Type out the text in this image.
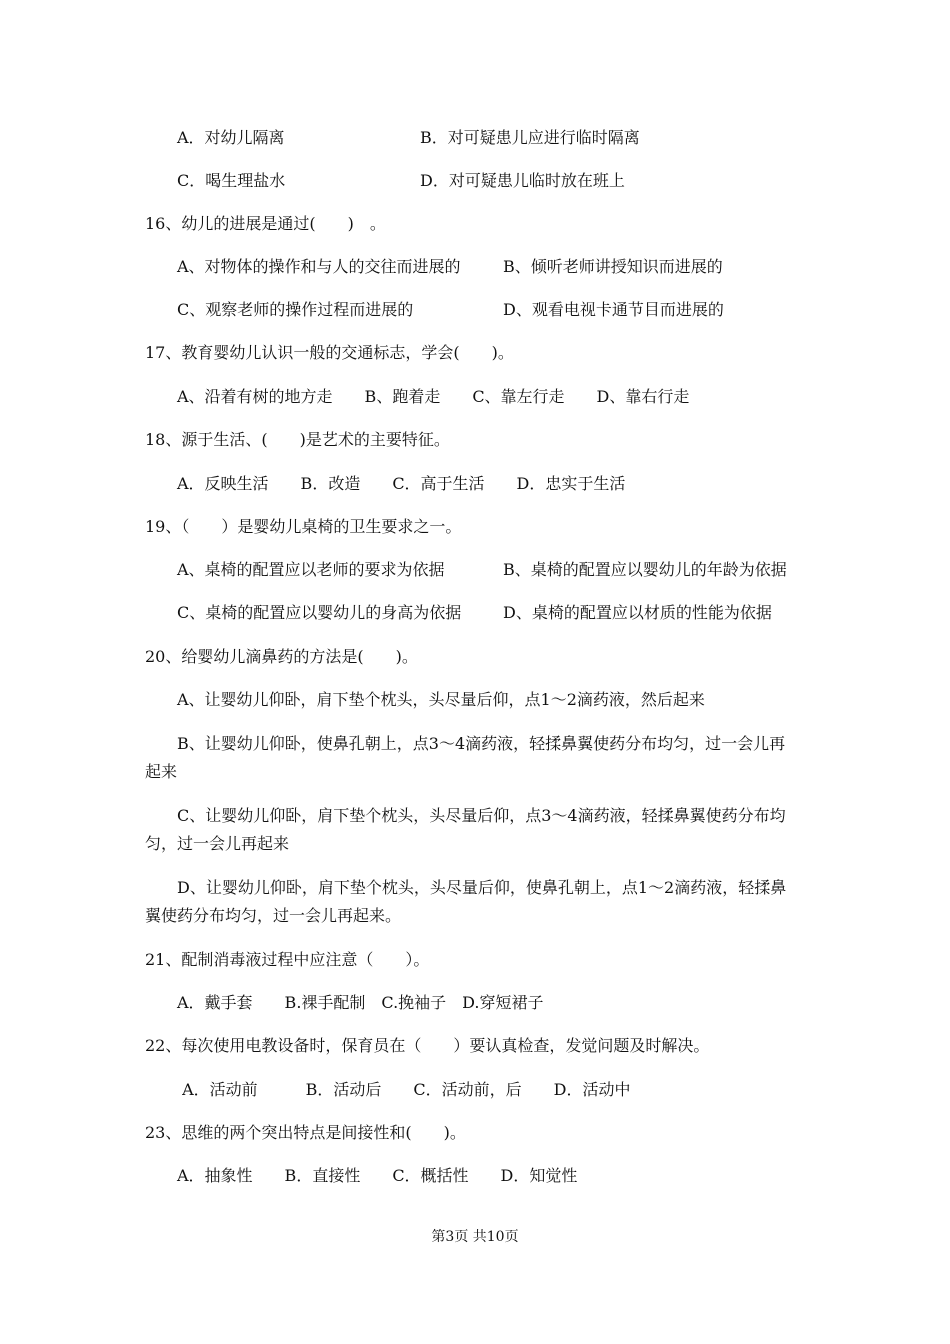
A．对幼儿隔离	B．对可疑患儿应进行临时隔离
C．喝生理盐水	D．对可疑患儿临时放在班上
16、幼儿的进展是通过(　　)　。
A、对物体的操作和与人的交往而进展的	B、倾听老师讲授知识而进展的
C、观察老师的操作过程而进展的	D、观看电视卡通节目而进展的
17、教育婴幼儿认识一般的交通标志，学会(　　)。
A、沿着有树的地方走　　B、跑着走　　C、靠左行走　　D、靠右行走
18、源于生活、(　　)是艺术的主要特征。
A．反映生活　　B．改造　　C．高于生活　　D．忠实于生活
19、（　　）是婴幼儿桌椅的卫生要求之一。
A、桌椅的配置应以老师的要求为依据	B、桌椅的配置应以婴幼儿的年龄为依据
C、桌椅的配置应以婴幼儿的身高为依据	D、桌椅的配置应以材质的性能为依据
20、给婴幼儿滴鼻药的方法是(　　)。
A、让婴幼儿仰卧，肩下垫个枕头，头尽量后仰，点1～2滴药液，然后起来
B、让婴幼儿仰卧，使鼻孔朝上，点3～4滴药液，轻揉鼻翼使药分布均匀，过一会儿再
起来
C、让婴幼儿仰卧，肩下垫个枕头，头尽量后仰，点3～4滴药液，轻揉鼻翼使药分布均
匀，过一会儿再起来
D、让婴幼儿仰卧，肩下垫个枕头，头尽量后仰，使鼻孔朝上，点1～2滴药液，轻揉鼻
翼使药分布均匀，过一会儿再起来。
21、配制消毒液过程中应注意（　　）。
A．戴手套　　B.裸手配制　C.挽袖子　D.穿短裙子
22、每次使用电教设备时，保育员在（　　）要认真检查，发觉问题及时解决。
A．活动前　　　B．活动后　　C．活动前，后　　D．活动中
23、思维的两个突出特点是间接性和(　　)。
A．抽象性　　B．直接性　　C．概括性　　D．知觉性
第3页 共10页
